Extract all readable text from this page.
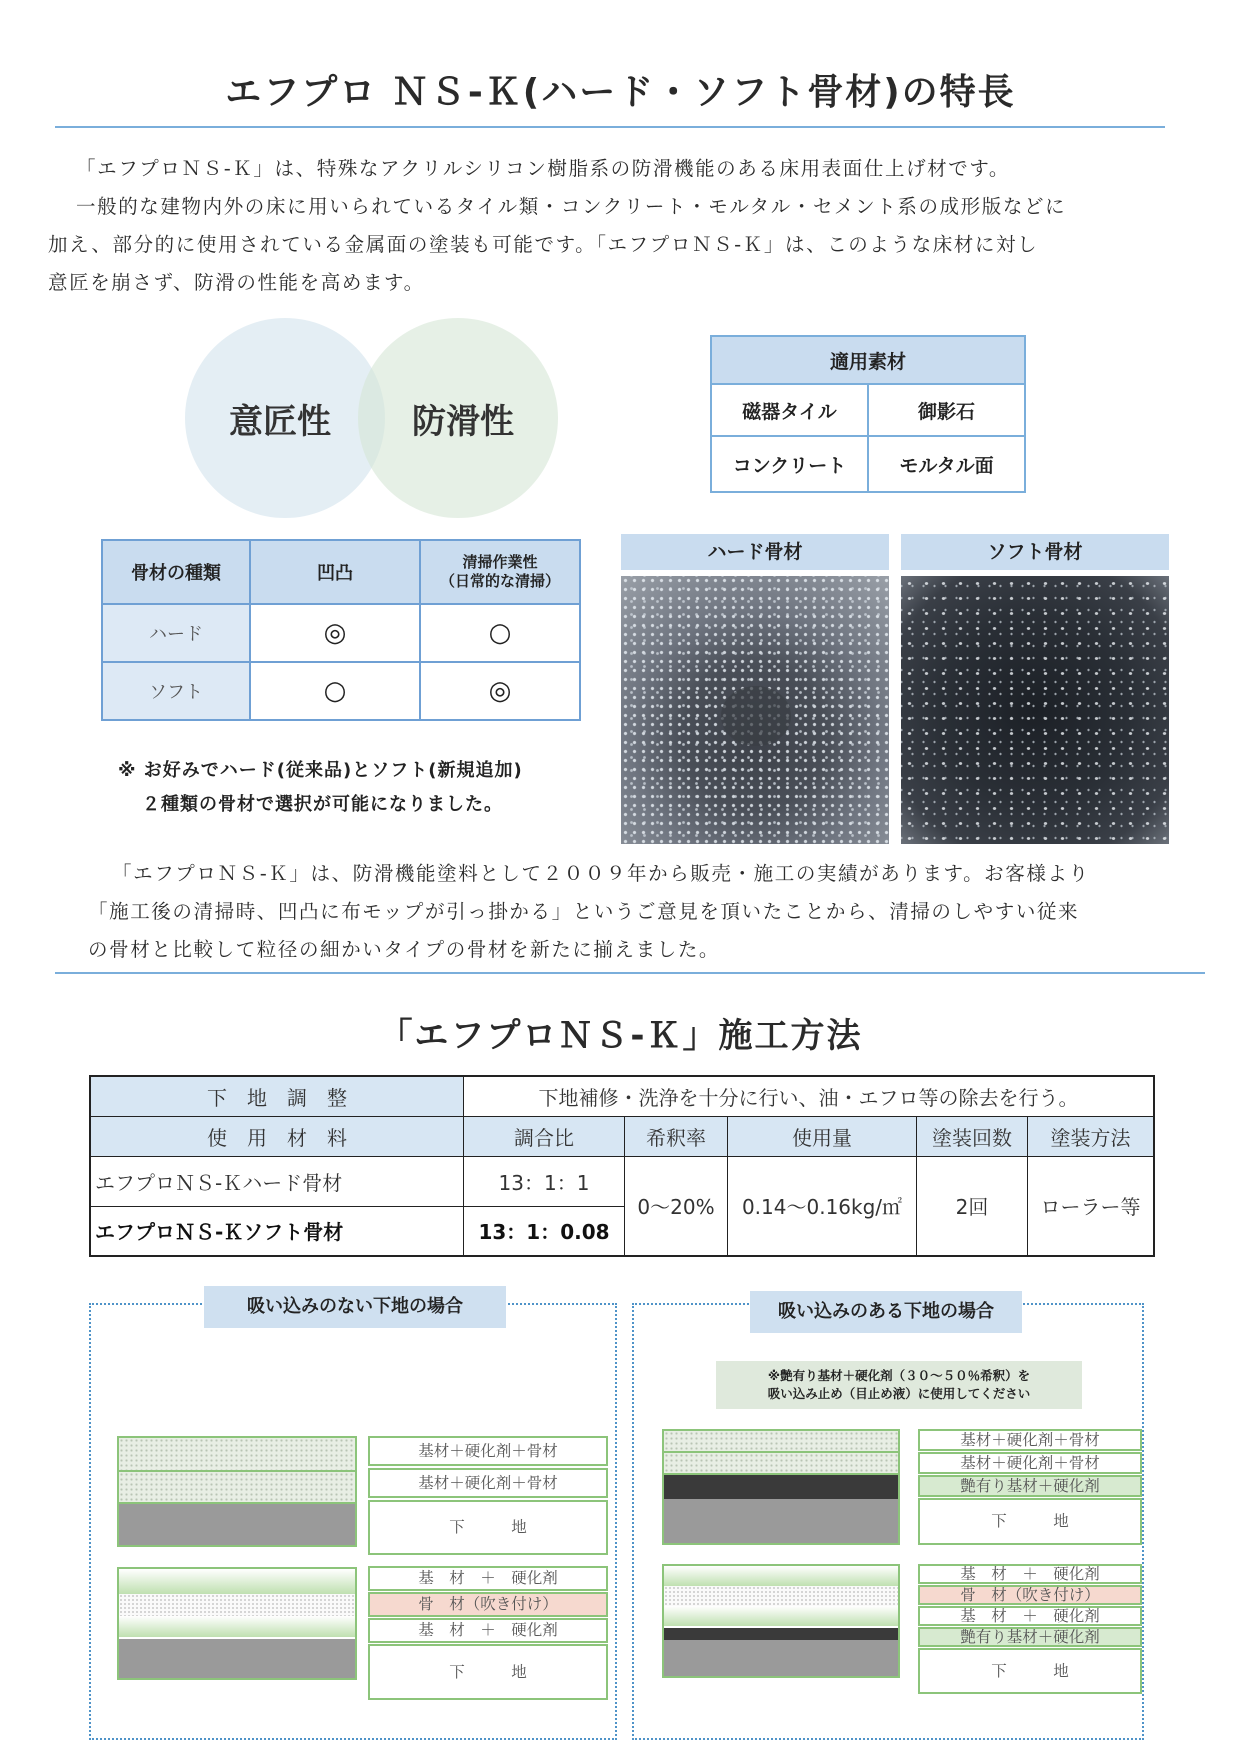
エフプロ ＮＳ-Ｋ(ハード・ソフト骨材)の特長

「エフプロＮＳ-Ｋ」は、特殊なアクリルシリコン樹脂系の防滑機能のある床用表面仕上げ材です。

一般的な建物内外の床に用いられているタイル類・コンクリート・モルタル・セメント系の成形版などに

加え、部分的に使用されている金属面の塗装も可能です。「エフプロＮＳ-Ｋ」は、このような床材に対し

意匠を崩さず、防滑の性能を高めます。

意匠性 防滑性
適用素材	
磁器タイル	御影石
コンクリート	モルタル面
骨材の種類	凹凸	清掃作業性
（日常的な清掃）

ハード	◎	○
ソフト	○	◎
※ お好みでハード(従来品)とソフト(新規追加)
２種類の骨材で選択が可能になりました。
ハード骨材	ソフト骨材

「エフプロＮＳ-Ｋ」は、防滑機能塗料として２００９年から販売・施工の実績があります。お客様より

「施工後の清掃時、凹凸に布モップが引っ掛かる」というご意見を頂いたことから、清掃のしやすい従来

の骨材と比較して粒径の細かいタイプの骨材を新たに揃えました。

「エフプロＮＳ-Ｋ」施工方法
下　地　調　整	下地補修・洗浄を十分に行い、油・エフロ等の除去を行う。				
使　用　材　料	調合比	希釈率	使用量	塗装回数	塗装方法
エフプロＮＳ-Ｋハード骨材	13：1：1	0～20%	0.14～0.16kg/㎡	2回	ローラー等
エフプロＮＳ-Ｋソフト骨材	13：1：0.08				
吸い込みのない下地の場合
基材＋硬化剤＋骨材
基材＋硬化剤＋骨材
下　　　地
基　材　＋　硬化剤
骨　材（吹き付け）
基　材　＋　硬化剤
下　　　地
吸い込みのある下地の場合
※艶有り基材＋硬化剤（３０～５０％希釈）を
吸い込み止め（目止め液）に使用してください
基材＋硬化剤＋骨材
基材＋硬化剤＋骨材
艶有り基材＋硬化剤
下　　　地
基　材　＋　硬化剤
骨　材（吹き付け）
基　材　＋　硬化剤
艶有り基材＋硬化剤
下　　　地
